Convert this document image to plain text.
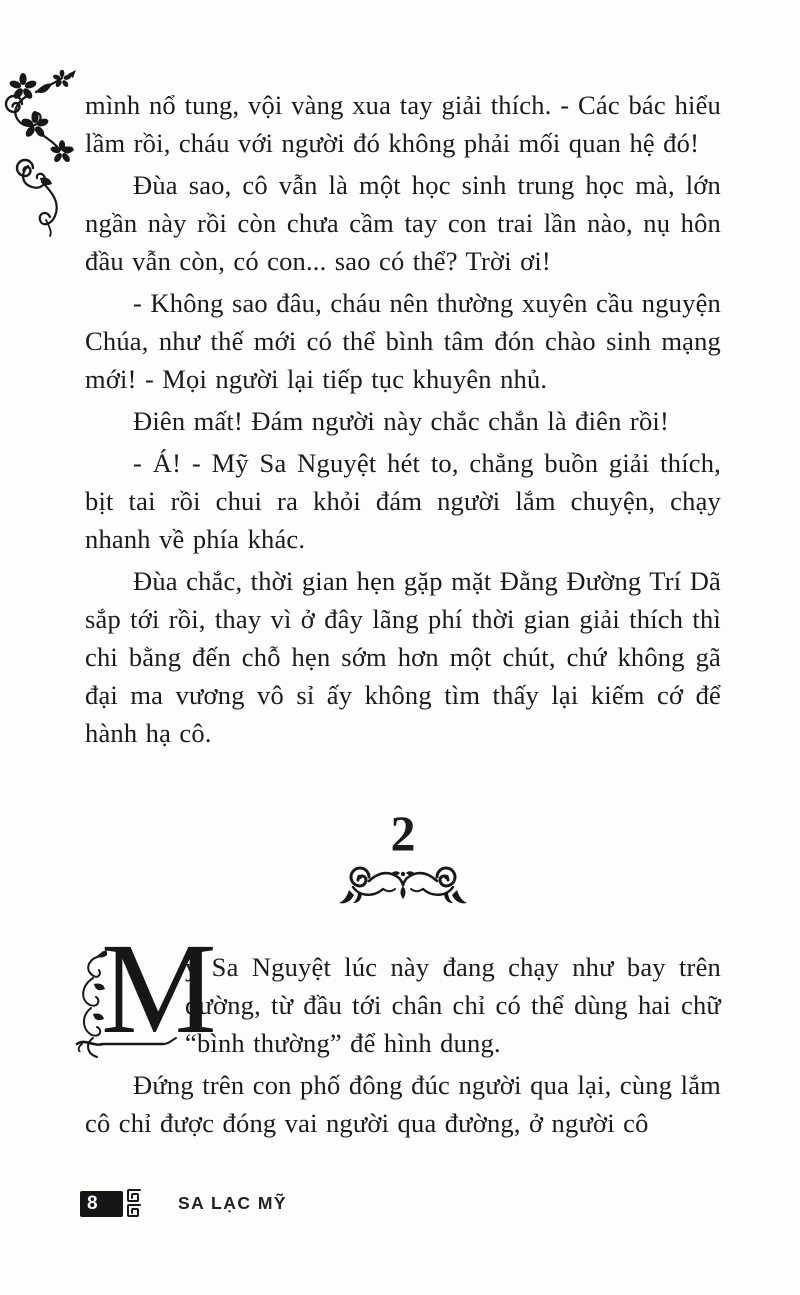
mình nổ tung, vội vàng xua tay giải thích. - Các bác hiểu lầm rồi, cháu với người đó không phải mối quan hệ đó!

Đùa sao, cô vẫn là một học sinh trung học mà, lớn ngần này rồi còn chưa cầm tay con trai lần nào, nụ hôn đầu vẫn còn, có con... sao có thể? Trời ơi!

- Không sao đâu, cháu nên thường xuyên cầu nguyện Chúa, như thế mới có thể bình tâm đón chào sinh mạng mới! - Mọi người lại tiếp tục khuyên nhủ.

Điên mất! Đám người này chắc chắn là điên rồi!

- Á! - Mỹ Sa Nguyệt hét to, chẳng buồn giải thích, bịt tai rồi chui ra khỏi đám người lắm chuyện, chạy nhanh về phía khác.

Đùa chắc, thời gian hẹn gặp mặt Đằng Đường Trí Dã sắp tới rồi, thay vì ở đây lãng phí thời gian giải thích thì chi bằng đến chỗ hẹn sớm hơn một chút, chứ không gã đại ma vương vô sỉ ấy không tìm thấy lại kiếm cớ để hành hạ cô.

2

M
ỹ Sa Nguyệt lúc này đang chạy như bay trên đường, từ đầu tới chân chỉ có thể dùng hai chữ “bình thường” để hình dung.

Đứng trên con phố đông đúc người qua lại, cùng lắm cô chỉ được đóng vai người qua đường, ở người cô

8	SA LẠC MỸ
